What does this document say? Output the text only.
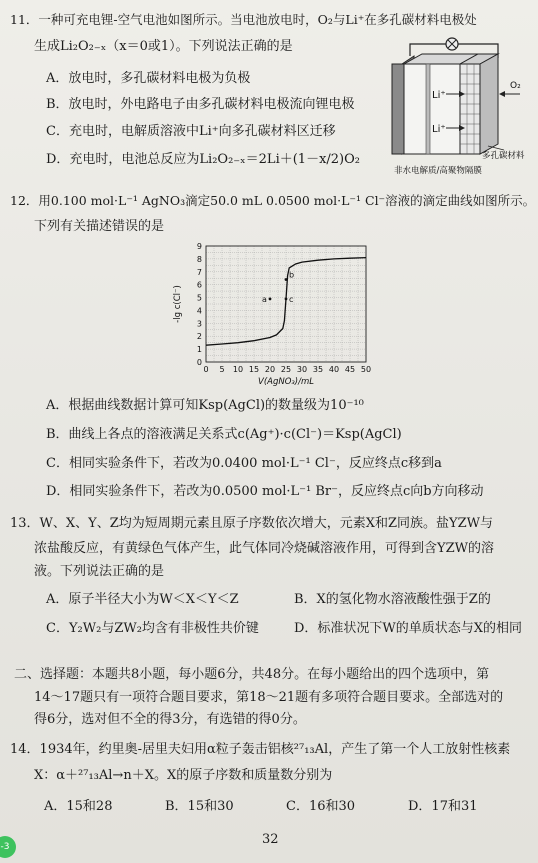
11．一种可充电锂-空气电池如图所示。当电池放电时，O₂与Li⁺在多孔碳材料电极处
生成Li₂O₂₋ₓ（x＝0或1）。下列说法正确的是
A．放电时，多孔碳材料电极为负极
B．放电时，外电路电子由多孔碳材料电极流向锂电极
C．充电时，电解质溶液中Li⁺向多孔碳材料区迁移
D．充电时，电池总反应为Li₂O₂₋ₓ＝2Li＋(1－x/2)O₂
Li⁺
Li⁺
O₂
多孔碳材料
非水电解质/高聚物隔膜
12．用0.100 mol·L⁻¹ AgNO₃滴定50.0 mL 0.0500 mol·L⁻¹ Cl⁻溶液的滴定曲线如图所示。
下列有关描述错误的是
0 5 10 15 20 25 30 35 40 45 50
0
1
2
3
4
5
6
7
8
9
V(AgNO₃)/mL
-lg c(Cl⁻)	a
b
c
A．根据曲线数据计算可知Ksp(AgCl)的数量级为10⁻¹⁰
B．曲线上各点的溶液满足关系式c(Ag⁺)·c(Cl⁻)＝Ksp(AgCl)
C．相同实验条件下，若改为0.0400 mol·L⁻¹ Cl⁻，反应终点c移到a
D．相同实验条件下，若改为0.0500 mol·L⁻¹ Br⁻，反应终点c向b方向移动
13．W、X、Y、Z均为短周期元素且原子序数依次增大，元素X和Z同族。盐YZW与
浓盐酸反应，有黄绿色气体产生，此气体同冷烧碱溶液作用，可得到含YZW的溶
液。下列说法正确的是
A．原子半径大小为W＜X＜Y＜Z	B．X的氢化物水溶液酸性强于Z的
C．Y₂W₂与ZW₂均含有非极性共价键	D．标准状况下W的单质状态与X的相同
二、选择题：本题共8小题，每小题6分，共48分。在每小题给出的四个选项中，第
14～17题只有一项符合题目要求，第18～21题有多项符合题目要求。全部选对的
得6分，选对但不全的得3分，有选错的得0分。
14．1934年，约里奥-居里夫妇用α粒子轰击铝核²⁷₁₃Al，产生了第一个人工放射性核素
X：α＋²⁷₁₃Al→n＋X。X的原子序数和质量数分别为
A．15和28	B．15和30	C．16和30	D．17和31
32
-3
